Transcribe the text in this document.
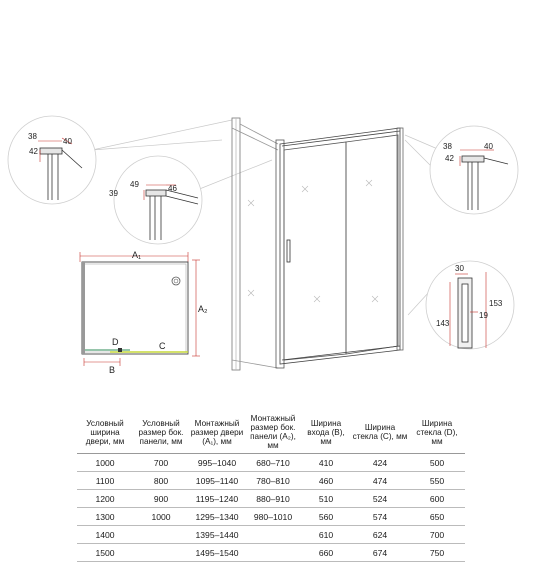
38
40
42
49	46
39
38	40
42
30
153
143
19
A₁
A₂
B
C
D
Условный ширина двери, мм	Условный размер бок. панели, мм	Монтажный размер двери (A₁), мм	Монтажный размер бок. панели (A₂), мм	Ширина входа (B), мм	Ширина стекла (C), мм	Ширина стекла (D), мм
1000	700	995–1040	680–710	410	424	500
1100	800	1095–1140	780–810	460	474	550
1200	900	1195–1240	880–910	510	524	600
1300	1000	1295–1340	980–1010	560	574	650
1400		1395–1440		610	624	700
1500		1495–1540		660	674	750
